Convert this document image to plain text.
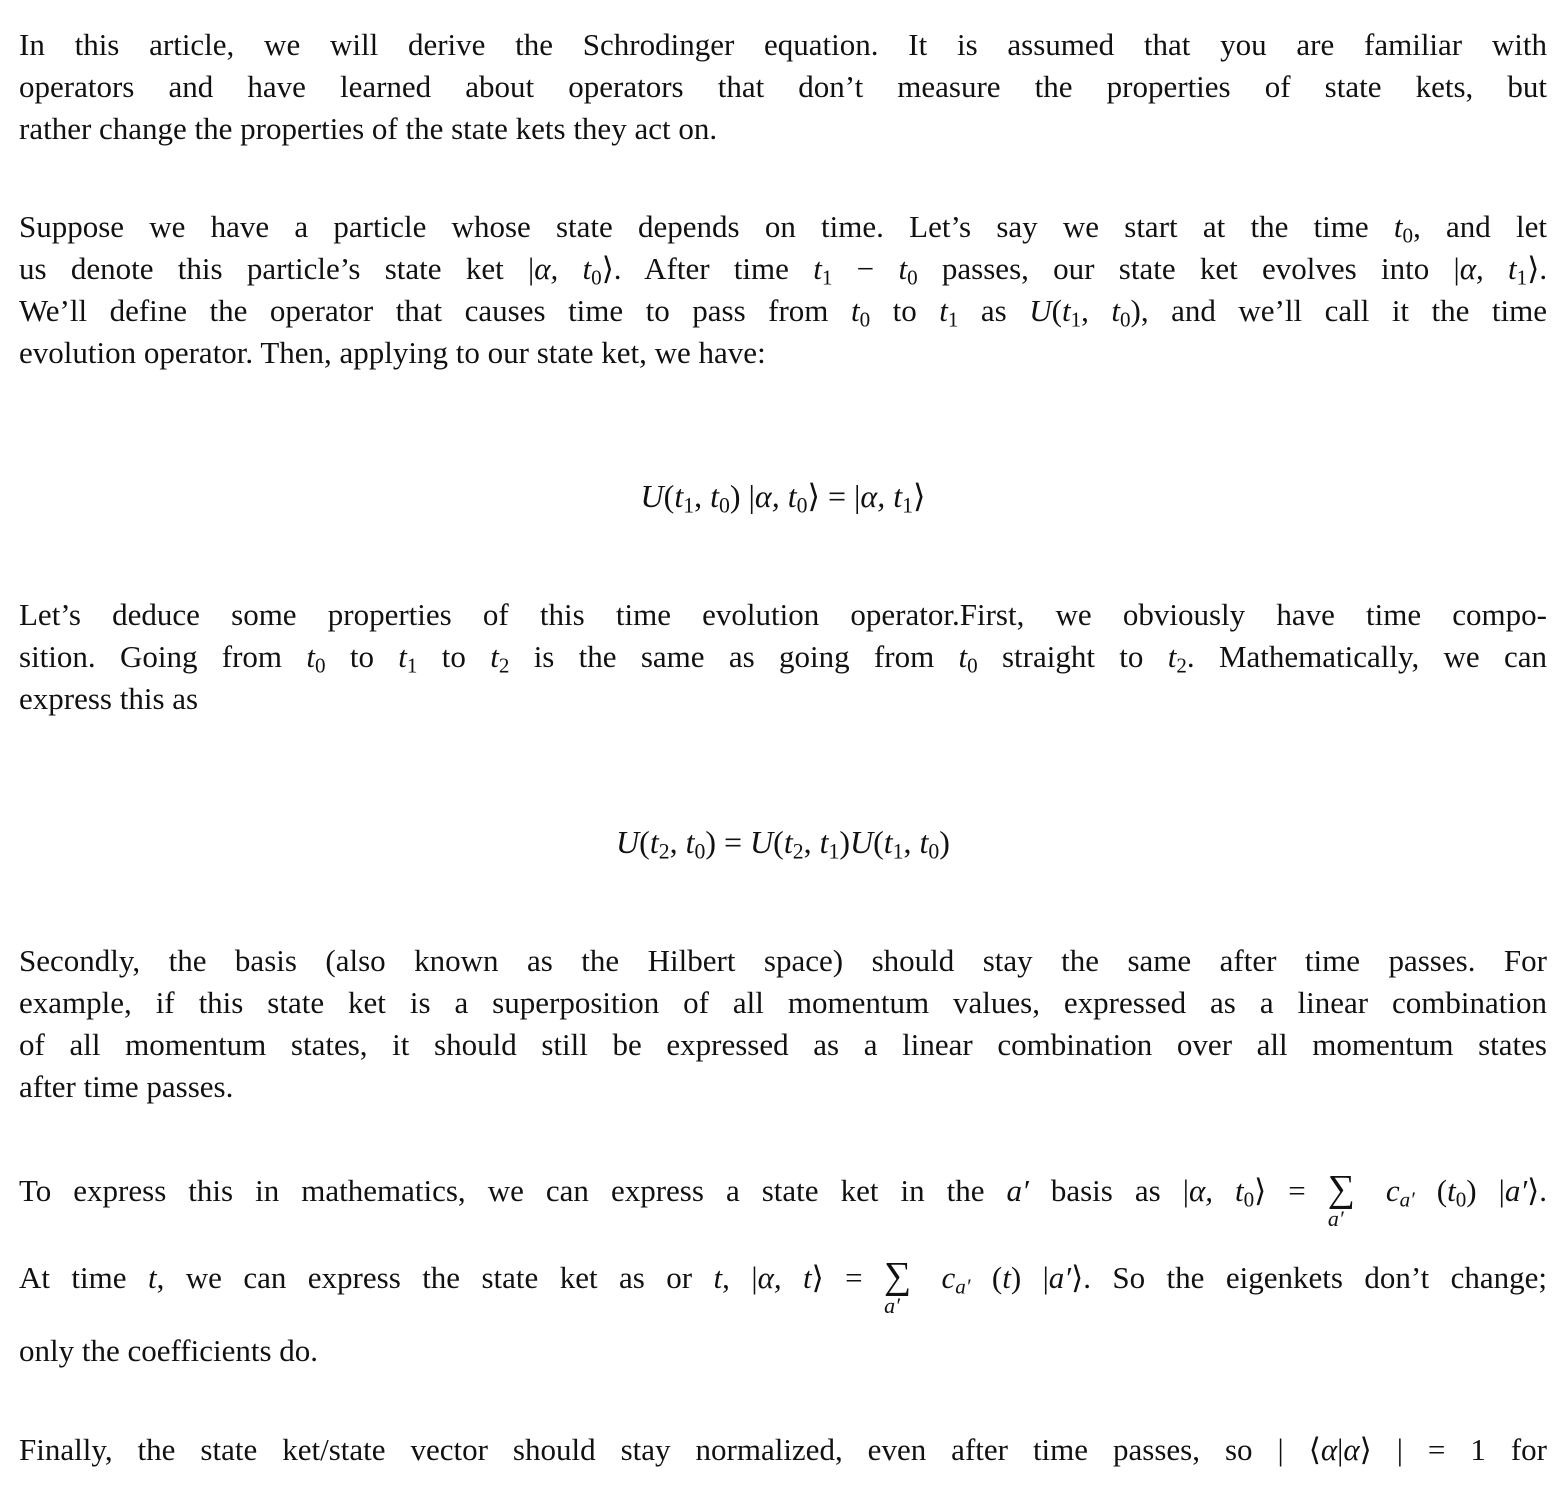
In this article, we will derive the Schrodinger equation. It is assumed that you are familiar with
operators and have learned about operators that don’t measure the properties of state kets, but
rather change the properties of the state kets they act on.
Suppose we have a particle whose state depends on time. Let’s say we start at the time $t_0$, and let
us denote this particle’s state ket |α, $t_0⟩$. After time $t_1 - t_0$ passes, our state ket evolves into |α, $t_1⟩$.
We’ll define the operator that causes time to pass from $t_0$ to $t_1$ as $U(t_1$, $t_0$), and we’ll call it the time
evolution operator. Then, applying to our state ket, we have:
$U(t_1$, $t_0$) |α, $t_0⟩ = |\alpha$, $t_1⟩$
Let’s deduce some properties of this time evolution operator.First, we obviously have time compo-
sition. Going from $t_0$ to $t_1$ to $t_2$ is the same as going from $t_0$ straight to $t_2$. Mathematically, we can
express this as
$U(t_2$, $t_0) = U(t_2$, $t_1)U(t_1$, $t_0$)
Secondly, the basis (also known as the Hilbert space) should stay the same after time passes. For
example, if this state ket is a superposition of all momentum values, expressed as a linear combination
of all momentum states, it should still be expressed as a linear combination over all momentum states
after time passes.
To express this in mathematics, we can express a state ket in the a′ basis as |α, $t_0⟩$ = ∑
a′
$c_{a'}$ $(t_0)$ |a′⟩.
At time t, we can express the state ket as or t, |α, t⟩ = ∑
a′
$c_{a'}$ (t) |a′⟩. So the eigenkets don’t change;
only the coefficients do.
Finally, the state ket/state vector should stay normalized, even after time passes, so | ⟨α|α⟩ | = 1 for
